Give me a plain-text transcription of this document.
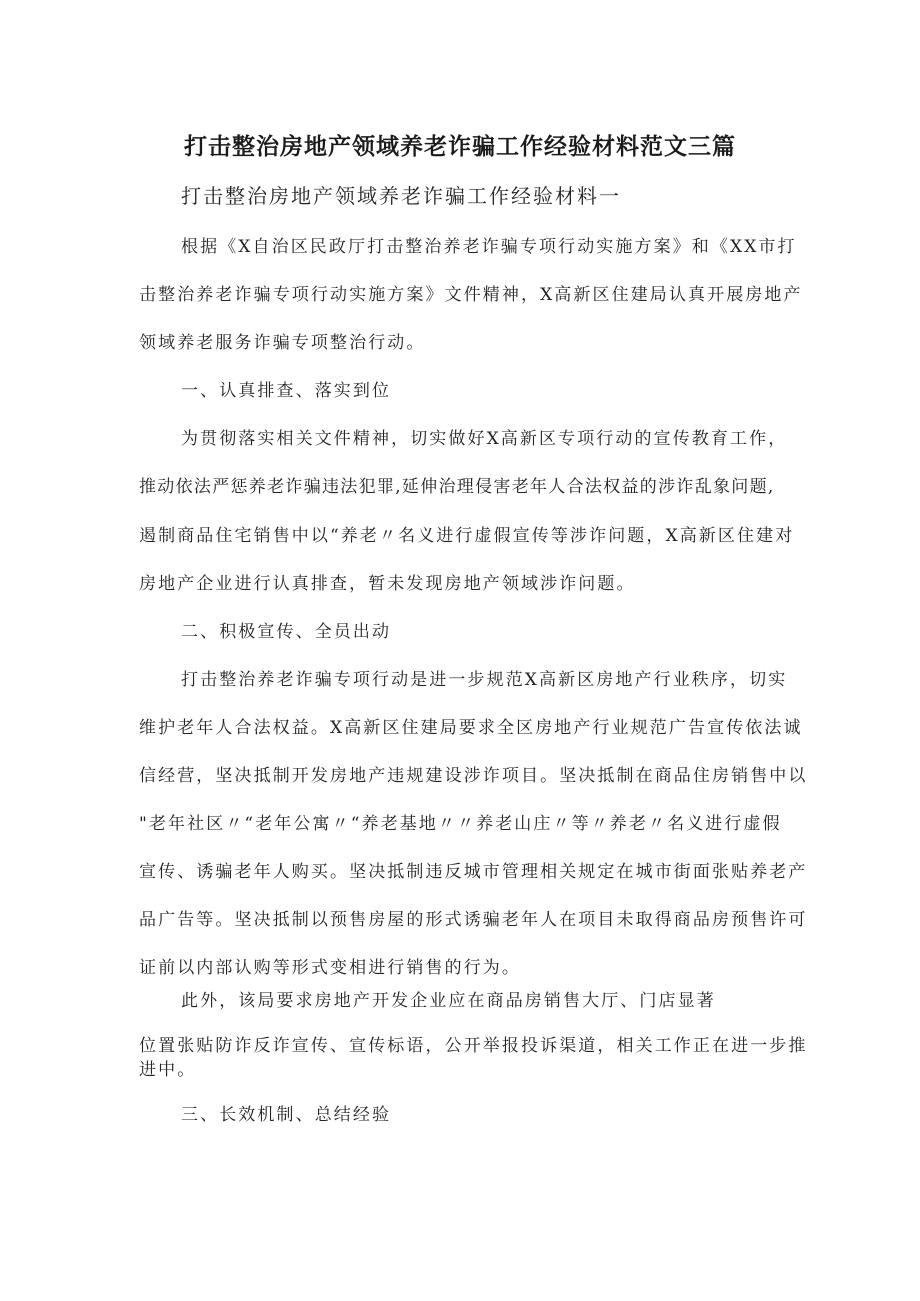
打击整治房地产领域养老诈骗工作经验材料范文三篇
打击整治房地产领域养老诈骗工作经验材料一
根据《X自治区民政厅打击整治养老诈骗专项行动实施方案》和《XX市打
击整治养老诈骗专项行动实施方案》文件精神，X高新区住建局认真开展房地产
领域养老服务诈骗专项整治行动。
一、认真排查、落实到位
为贯彻落实相关文件精神，切实做好X高新区专项行动的宣传教育工作，
推动依法严惩养老诈骗违法犯罪,延伸治理侵害老年人合法权益的涉诈乱象问题,
遏制商品住宅销售中以“养老〃名义进行虚假宣传等涉诈问题，X高新区住建对
房地产企业进行认真排查，暂未发现房地产领域涉诈问题。
二、积极宣传、全员出动
打击整治养老诈骗专项行动是进一步规范X高新区房地产行业秩序，切实
维护老年人合法权益。X高新区住建局要求全区房地产行业规范广告宣传依法诚
信经营，坚决抵制开发房地产违规建设涉诈项目。坚决抵制在商品住房销售中以
"老年社区〃“老年公寓〃“养老基地〃〃养老山庄〃等〃养老〃名义进行虚假
宣传、诱骗老年人购买。坚决抵制违反城市管理相关规定在城市街面张贴养老产
品广告等。坚决抵制以预售房屋的形式诱骗老年人在项目未取得商品房预售许可
证前以内部认购等形式变相进行销售的行为。
此外，该局要求房地产开发企业应在商品房销售大厅、门店显著
位置张贴防诈反诈宣传、宣传标语，公开举报投诉渠道，相关工作正在进一步推
进中。
三、长效机制、总结经验
